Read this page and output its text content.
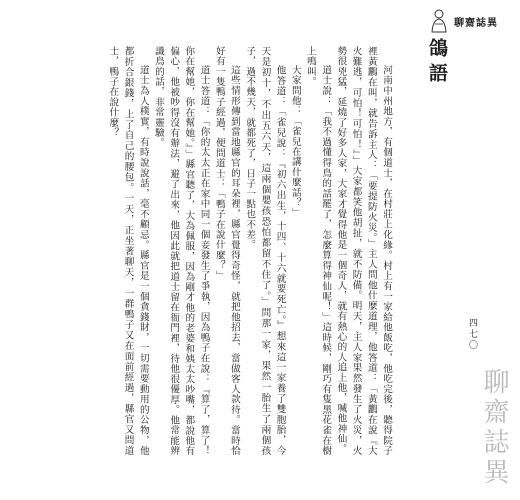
聊齋誌異
鴿語

河南中州地方，有個道士，在村莊上化緣。村上有一家給他飯吃，他吃完後，聽得院子裡黃鸝在叫，就告訴主人：「要提防火災。」主人問他什麼道理，他答道：「黃鸝在說『大火難逃，可怕！可怕！』」大家都笑他胡扯，就不防備。明天，主人家果然發生了火災，火勢很兇猛，延燒了好多人家，大家才覺得他是一個奇人，就有熱心的人追上他，喊他神仙。

道士說：「我不過懂得鳥的話罷了，怎麼算得神仙呢！」這時候，剛巧有隻黑花雀在樹上鳴叫。

大家問他：「雀兒在講什麼話？」

他答道：「雀兒說：『初六出生，十四、十六就要死亡。』想來這一家養了雙胞胎，今天是初十，不出五六天，這兩個嬰孩恐怕都留不住了。」問那一家，果然一胎生了兩個孩子，過不幾天，就都死了，日子一點也不差。

這些情形傳到當地縣官的耳朵裡，縣官覺得奇怪，就把他招去，當做客人款待。當時恰好有一隻鴨子經過，便問道士：「鴨子在說什麼？」

道士答道：「你的太太正在家中同一個妾發生了爭執，因為鴨子在說：『算了，算了！你在幫她，你在幫她。』」縣官聽了，大為佩服，因為剛才他的老婆和姨太太吵嘴，都說他有偏心，他被吵得沒有辦法，避了出來，他因此就把道士留在衙門裡，待他很優厚。他常能辨識鳥的話，非常靈驗。

道士為人樸實，有時說說話，毫不顧忌。縣官是一個貪錢財，一切需要動用的公物，他都折合銀錢，上了自己的腰包。一天，正坐著聊天，一群鴨子又在面前經過，縣官又問道士，鴨子在說什麼？

四七〇
聊齋誌異
